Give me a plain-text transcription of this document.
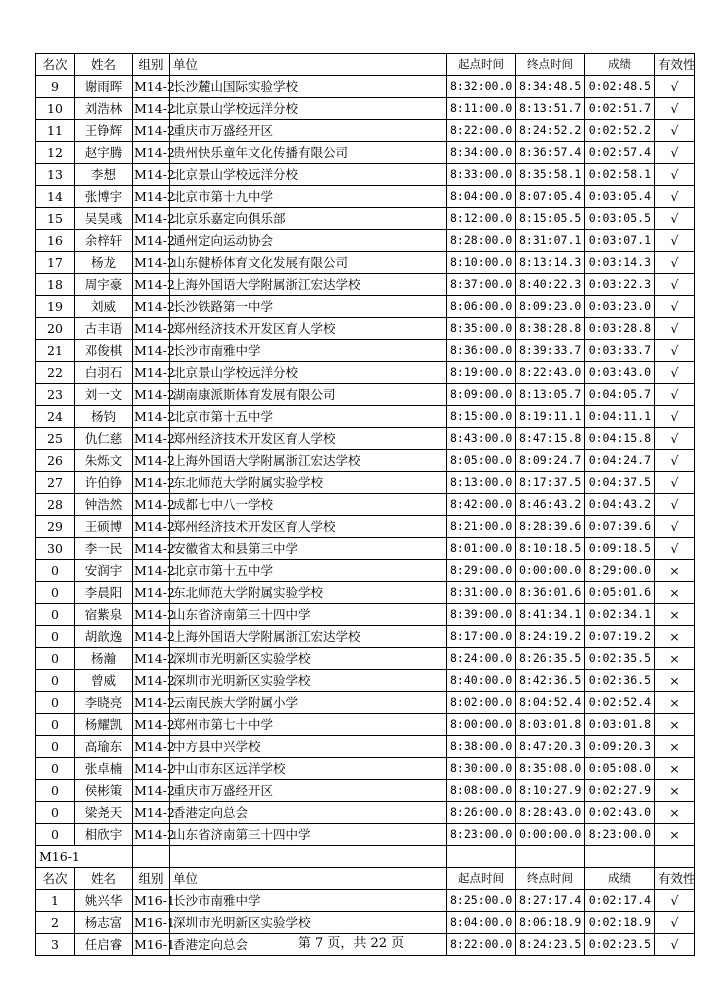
名次	姓名	组别	单位	起点时间	终点时间	成绩	有效性
9	谢雨晖	M14-2	长沙麓山国际实验学校	8:32:00.0	8:34:48.5	0:02:48.5	√
10	刘浩林	M14-2	北京景山学校远洋分校	8:11:00.0	8:13:51.7	0:02:51.7	√
11	王铮辉	M14-2	重庆市万盛经开区	8:22:00.0	8:24:52.2	0:02:52.2	√
12	赵宇腾	M14-2	贵州快乐童年文化传播有限公司	8:34:00.0	8:36:57.4	0:02:57.4	√
13	李想	M14-2	北京景山学校远洋分校	8:33:00.0	8:35:58.1	0:02:58.1	√
14	张博宇	M14-2	北京市第十九中学	8:04:00.0	8:07:05.4	0:03:05.4	√
15	吴昊彧	M14-2	北京乐嘉定向俱乐部	8:12:00.0	8:15:05.5	0:03:05.5	√
16	余梓轩	M14-2	通州定向运动协会	8:28:00.0	8:31:07.1	0:03:07.1	√
17	杨龙	M14-2	山东健桥体育文化发展有限公司	8:10:00.0	8:13:14.3	0:03:14.3	√
18	周宇豪	M14-2	上海外国语大学附属浙江宏达学校	8:37:00.0	8:40:22.3	0:03:22.3	√
19	刘威	M14-2	长沙铁路第一中学	8:06:00.0	8:09:23.0	0:03:23.0	√
20	古丰语	M14-2	郑州经济技术开发区育人学校	8:35:00.0	8:38:28.8	0:03:28.8	√
21	邓俊棋	M14-2	长沙市南雅中学	8:36:00.0	8:39:33.7	0:03:33.7	√
22	白羽石	M14-2	北京景山学校远洋分校	8:19:00.0	8:22:43.0	0:03:43.0	√
23	刘一文	M14-2	湖南康派斯体育发展有限公司	8:09:00.0	8:13:05.7	0:04:05.7	√
24	杨钧	M14-2	北京市第十五中学	8:15:00.0	8:19:11.1	0:04:11.1	√
25	仇仁慈	M14-2	郑州经济技术开发区育人学校	8:43:00.0	8:47:15.8	0:04:15.8	√
26	朱烁文	M14-2	上海外国语大学附属浙江宏达学校	8:05:00.0	8:09:24.7	0:04:24.7	√
27	许伯铮	M14-2	东北师范大学附属实验学校	8:13:00.0	8:17:37.5	0:04:37.5	√
28	钟浩然	M14-2	成都七中八一学校	8:42:00.0	8:46:43.2	0:04:43.2	√
29	王硕博	M14-2	郑州经济技术开发区育人学校	8:21:00.0	8:28:39.6	0:07:39.6	√
30	李一民	M14-2	安徽省太和县第三中学	8:01:00.0	8:10:18.5	0:09:18.5	√
0	安润宇	M14-2	北京市第十五中学	8:29:00.0	0:00:00.0	8:29:00.0	×
0	李晨阳	M14-2	东北师范大学附属实验学校	8:31:00.0	8:36:01.6	0:05:01.6	×
0	宿紫泉	M14-2	山东省济南第三十四中学	8:39:00.0	8:41:34.1	0:02:34.1	×
0	胡歆逸	M14-2	上海外国语大学附属浙江宏达学校	8:17:00.0	8:24:19.2	0:07:19.2	×
0	杨瀚	M14-2	深圳市光明新区实验学校	8:24:00.0	8:26:35.5	0:02:35.5	×
0	曾威	M14-2	深圳市光明新区实验学校	8:40:00.0	8:42:36.5	0:02:36.5	×
0	李晓亮	M14-2	云南民族大学附属小学	8:02:00.0	8:04:52.4	0:02:52.4	×
0	杨耀凯	M14-2	郑州市第七十中学	8:00:00.0	8:03:01.8	0:03:01.8	×
0	高瑜东	M14-2	中方县中兴学校	8:38:00.0	8:47:20.3	0:09:20.3	×
0	张卓楠	M14-2	中山市东区远洋学校	8:30:00.0	8:35:08.0	0:05:08.0	×
0	侯彬策	M14-2	重庆市万盛经开区	8:08:00.0	8:10:27.9	0:02:27.9	×
0	梁尧天	M14-2	香港定向总会	8:26:00.0	8:28:43.0	0:02:43.0	×
0	相欣宇	M14-2	山东省济南第三十四中学	8:23:00.0	0:00:00.0	8:23:00.0	×
M16-1							
名次	姓名	组别	单位	起点时间	终点时间	成绩	有效性
1	姚兴华	M16-1	长沙市南雅中学	8:25:00.0	8:27:17.4	0:02:17.4	√
2	杨志富	M16-1	深圳市光明新区实验学校	8:04:00.0	8:06:18.9	0:02:18.9	√
3	任启睿	M16-1	香港定向总会	8:22:00.0	8:24:23.5	0:02:23.5	√
第 7 页，共 22 页
